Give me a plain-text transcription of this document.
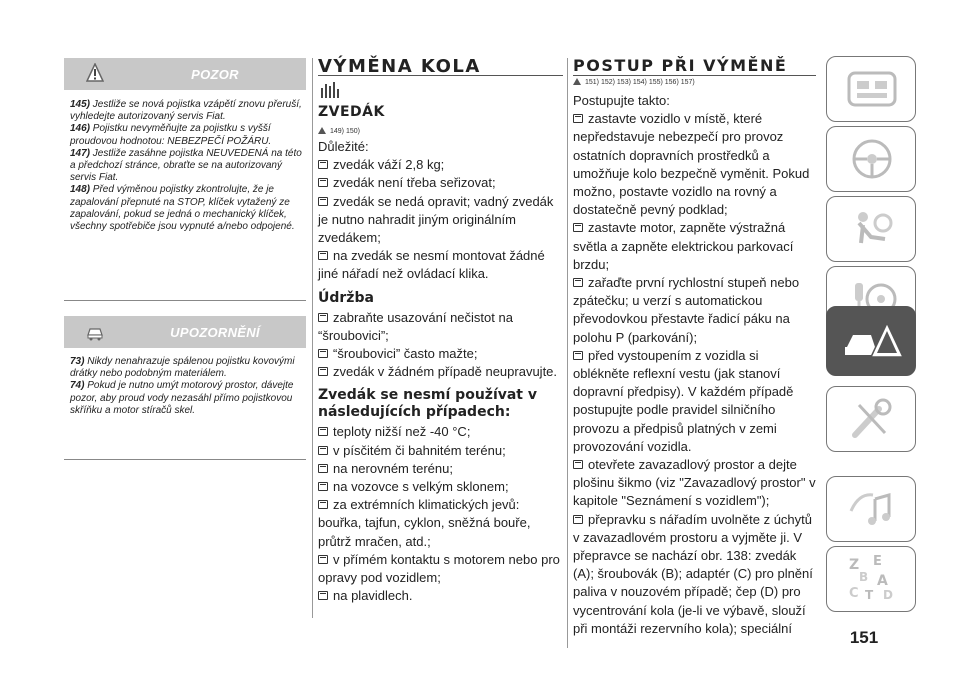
POZOR

145) Jestliže se nová pojistka vzápětí znovu přeruší, vyhledejte autorizovaný servis Fiat.

146) Pojistku nevyměňujte za pojistku s vyšší proudovou hodnotou: NEBEZPEČÍ POŽÁRU.

147) Jestliže zasáhne pojistka NEUVEDENÁ na této a předchozí stránce, obraťte se na autorizovaný servis Fiat.

148) Před výměnou pojistky zkontrolujte, že je zapalování přepnuté na STOP, klíček vytažený ze zapalování, pokud se jedná o mechanický klíček, všechny spotřebiče jsou vypnuté a/nebo odpojené.

UPOZORNĚNÍ

73) Nikdy nenahrazuje spálenou pojistku kovovými drátky nebo podobným materiálem.

74) Pokud je nutno umýt motorový prostor, dávejte pozor, aby proud vody nezasáhl přímo pojistkovou skříňku a motor stíračů skel.

VÝMĚNA KOLA
ZVEDÁK
149) 150)

Důležité:

zvedák váží 2,8 kg;

zvedák není třeba seřizovat;

zvedák se nedá opravit; vadný zvedák je nutno nahradit jiným originálním zvedákem;

na zvedák se nesmí montovat žádné jiné nářadí než ovládací klika.

Údržba

zabraňte usazování nečistot na “šroubovici”;

“šroubovici” často mažte;

zvedák v žádném případě neupravujte.

Zvedák se nesmí používat v následujících případech:

teploty nižší než -40 °C;

v písčitém či bahnitém terénu;

na nerovném terénu;

na vozovce s velkým sklonem;

za extrémních klimatických jevů: bouřka, tajfun, cyklon, sněžná bouře, průtrž mračen, atd.;

v přímém kontaktu s motorem nebo pro opravy pod vozidlem;

na plavidlech.

POSTUP PŘI VÝMĚNĚ
151) 152) 153) 154) 155) 156) 157)

Postupujte takto:

zastavte vozidlo v místě, které nepředstavuje nebezpečí pro provoz ostatních dopravních prostředků a umožňuje kolo bezpečně vyměnit. Pokud možno, postavte vozidlo na rovný a dostatečně pevný podklad;

zastavte motor, zapněte výstražná světla a zapněte elektrickou parkovací brzdu;

zařaďte první rychlostní stupeň nebo zpátečku; u verzí s automatickou převodovkou přestavte řadicí páku na polohu P (parkování);

před vystoupením z vozidla si oblékněte reflexní vestu (jak stanoví dopravní předpisy). V každém případě postupujte podle pravidel silničního provozu a předpisů platných v zemi provozování vozidla.

otevřete zavazadlový prostor a dejte plošinu šikmo (viz "Zavazadlový prostor" v kapitole "Seznámení s vozidlem");

přepravku s nářadím uvolněte z úchytů v zavazadlovém prostoru a vyjměte ji. V přepravce se nachází obr. 138: zvedák (A); šroubovák (B); adaptér (C) pro plnění paliva v nouzovém případě; čep (D) pro vycentrování kola (je-li ve výbavě, slouží při montáži rezervního kola); speciální

Z E
B A
C T D
151
